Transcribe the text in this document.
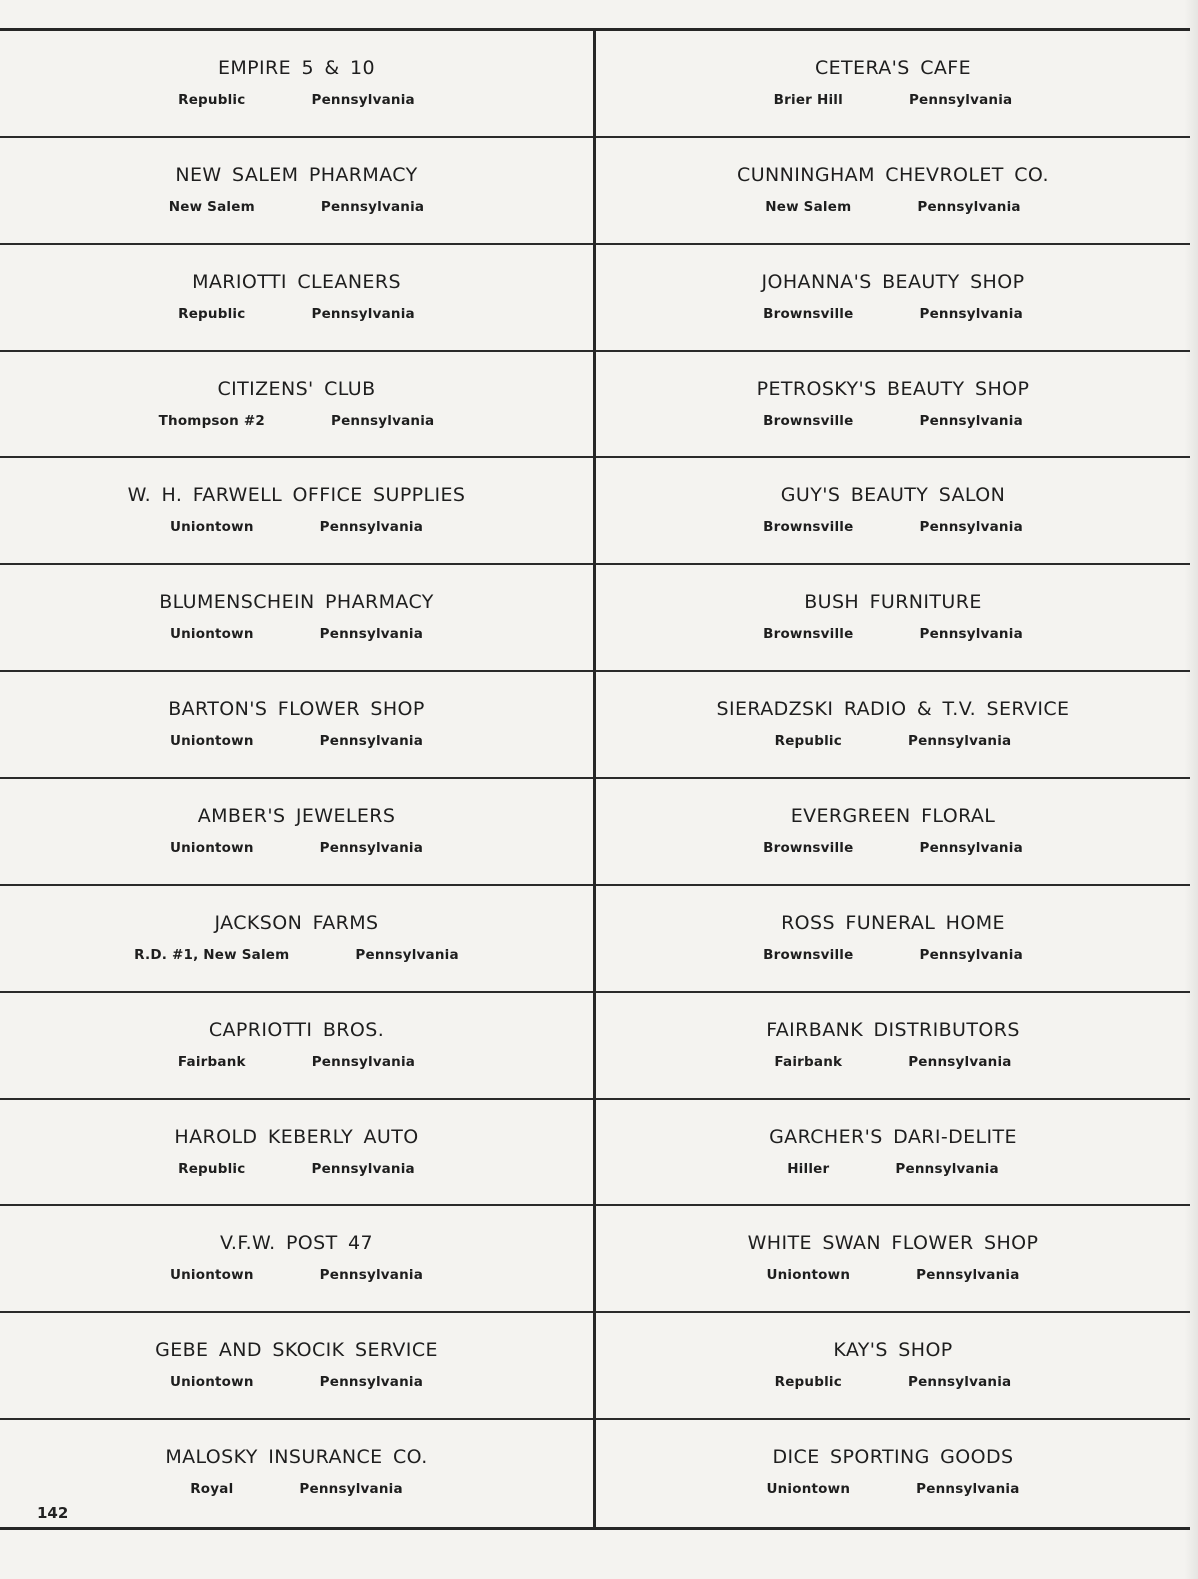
EMPIRE 5 & 10
Republic	Pennsylvania
NEW SALEM PHARMACY
New Salem	Pennsylvania
MARIOTTI CLEANERS
Republic	Pennsylvania
CITIZENS' CLUB
Thompson #2	Pennsylvania
W. H. FARWELL OFFICE SUPPLIES
Uniontown	Pennsylvania
BLUMENSCHEIN PHARMACY
Uniontown	Pennsylvania
BARTON'S FLOWER SHOP
Uniontown	Pennsylvania
AMBER'S JEWELERS
Uniontown	Pennsylvania
JACKSON FARMS
R.D. #1, New Salem	Pennsylvania
CAPRIOTTI BROS.
Fairbank	Pennsylvania
HAROLD KEBERLY AUTO
Republic	Pennsylvania
V.F.W. POST 47
Uniontown	Pennsylvania
GEBE AND SKOCIK SERVICE
Uniontown	Pennsylvania
MALOSKY INSURANCE CO.
Royal	Pennsylvania
CETERA'S CAFE
Brier Hill	Pennsylvania
CUNNINGHAM CHEVROLET CO.
New Salem	Pennsylvania
JOHANNA'S BEAUTY SHOP
Brownsville	Pennsylvania
PETROSKY'S BEAUTY SHOP
Brownsville	Pennsylvania
GUY'S BEAUTY SALON
Brownsville	Pennsylvania
BUSH FURNITURE
Brownsville	Pennsylvania
SIERADZSKI RADIO & T.V. SERVICE
Republic	Pennsylvania
EVERGREEN FLORAL
Brownsville	Pennsylvania
ROSS FUNERAL HOME
Brownsville	Pennsylvania
FAIRBANK DISTRIBUTORS
Fairbank	Pennsylvania
GARCHER'S DARI-DELITE
Hiller	Pennsylvania
WHITE SWAN FLOWER SHOP
Uniontown	Pennsylvania
KAY'S SHOP
Republic	Pennsylvania
DICE SPORTING GOODS
Uniontown	Pennsylvania
142
